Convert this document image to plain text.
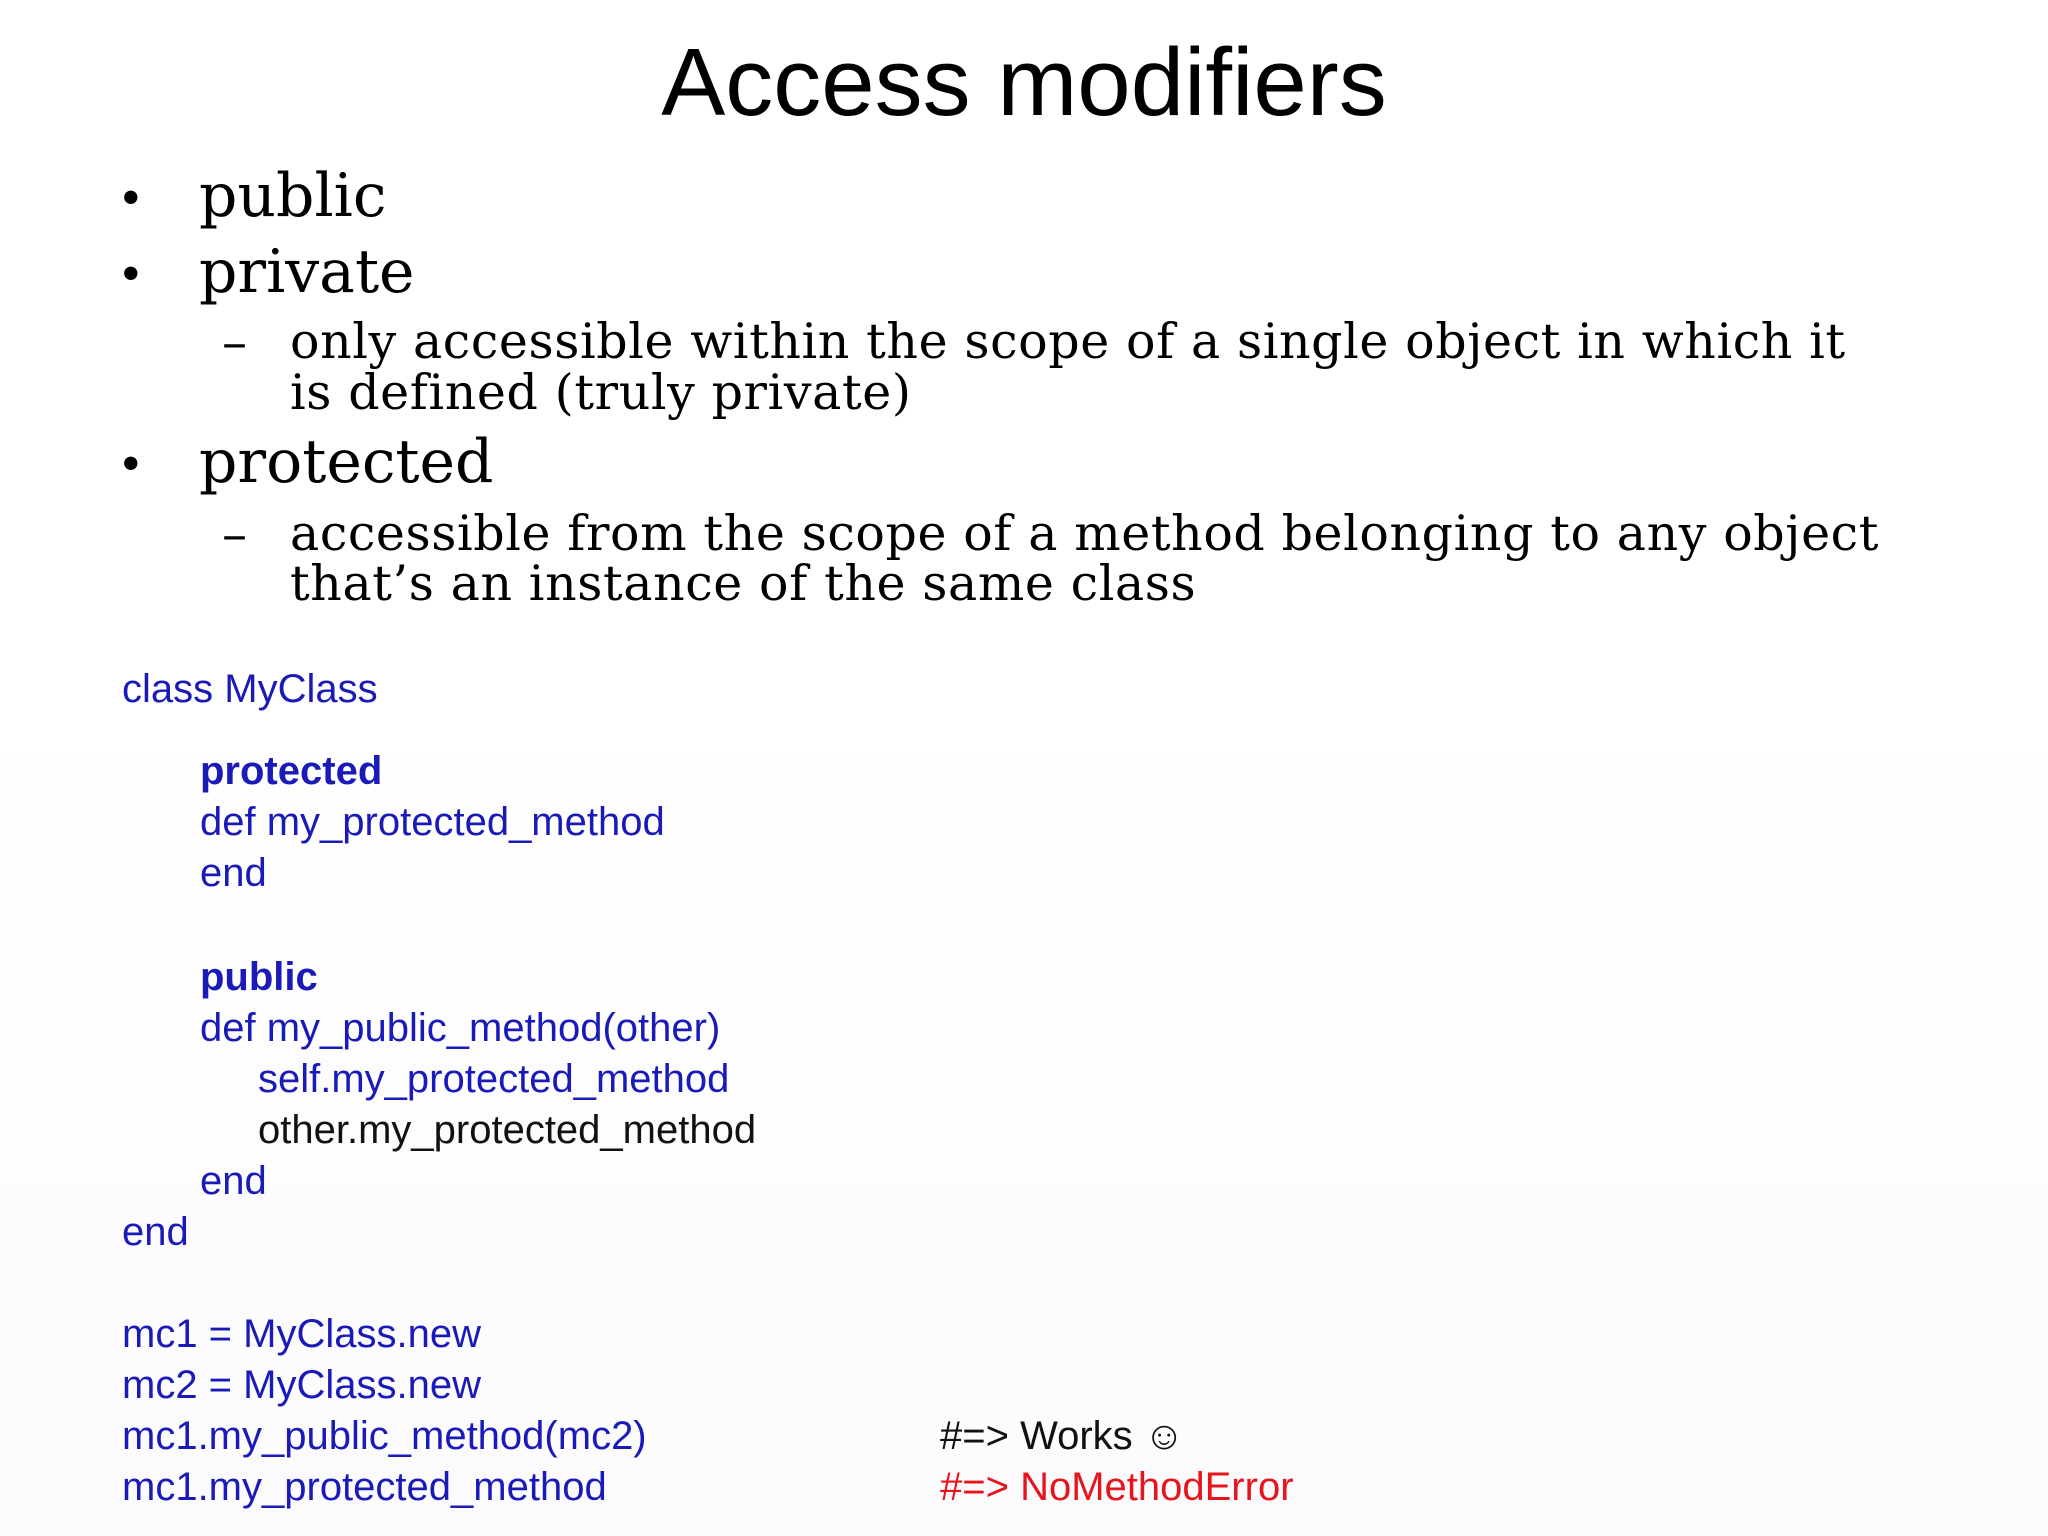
Access modifiers
• public
• private
– only accessible within the scope of a single object in which it
is defined (truly private)
• protected
– accessible from the scope of a method belonging to any object
that’s an instance of the same class
class MyClass
protected
def my_protected_method
end
public
def my_public_method(other)
self.my_protected_method
other.my_protected_method
end
end
mc1 = MyClass.new
mc2 = MyClass.new
mc1.my_public_method(mc2)
mc1.my_protected_method
#=> Works ☺
#=> NoMethodError
